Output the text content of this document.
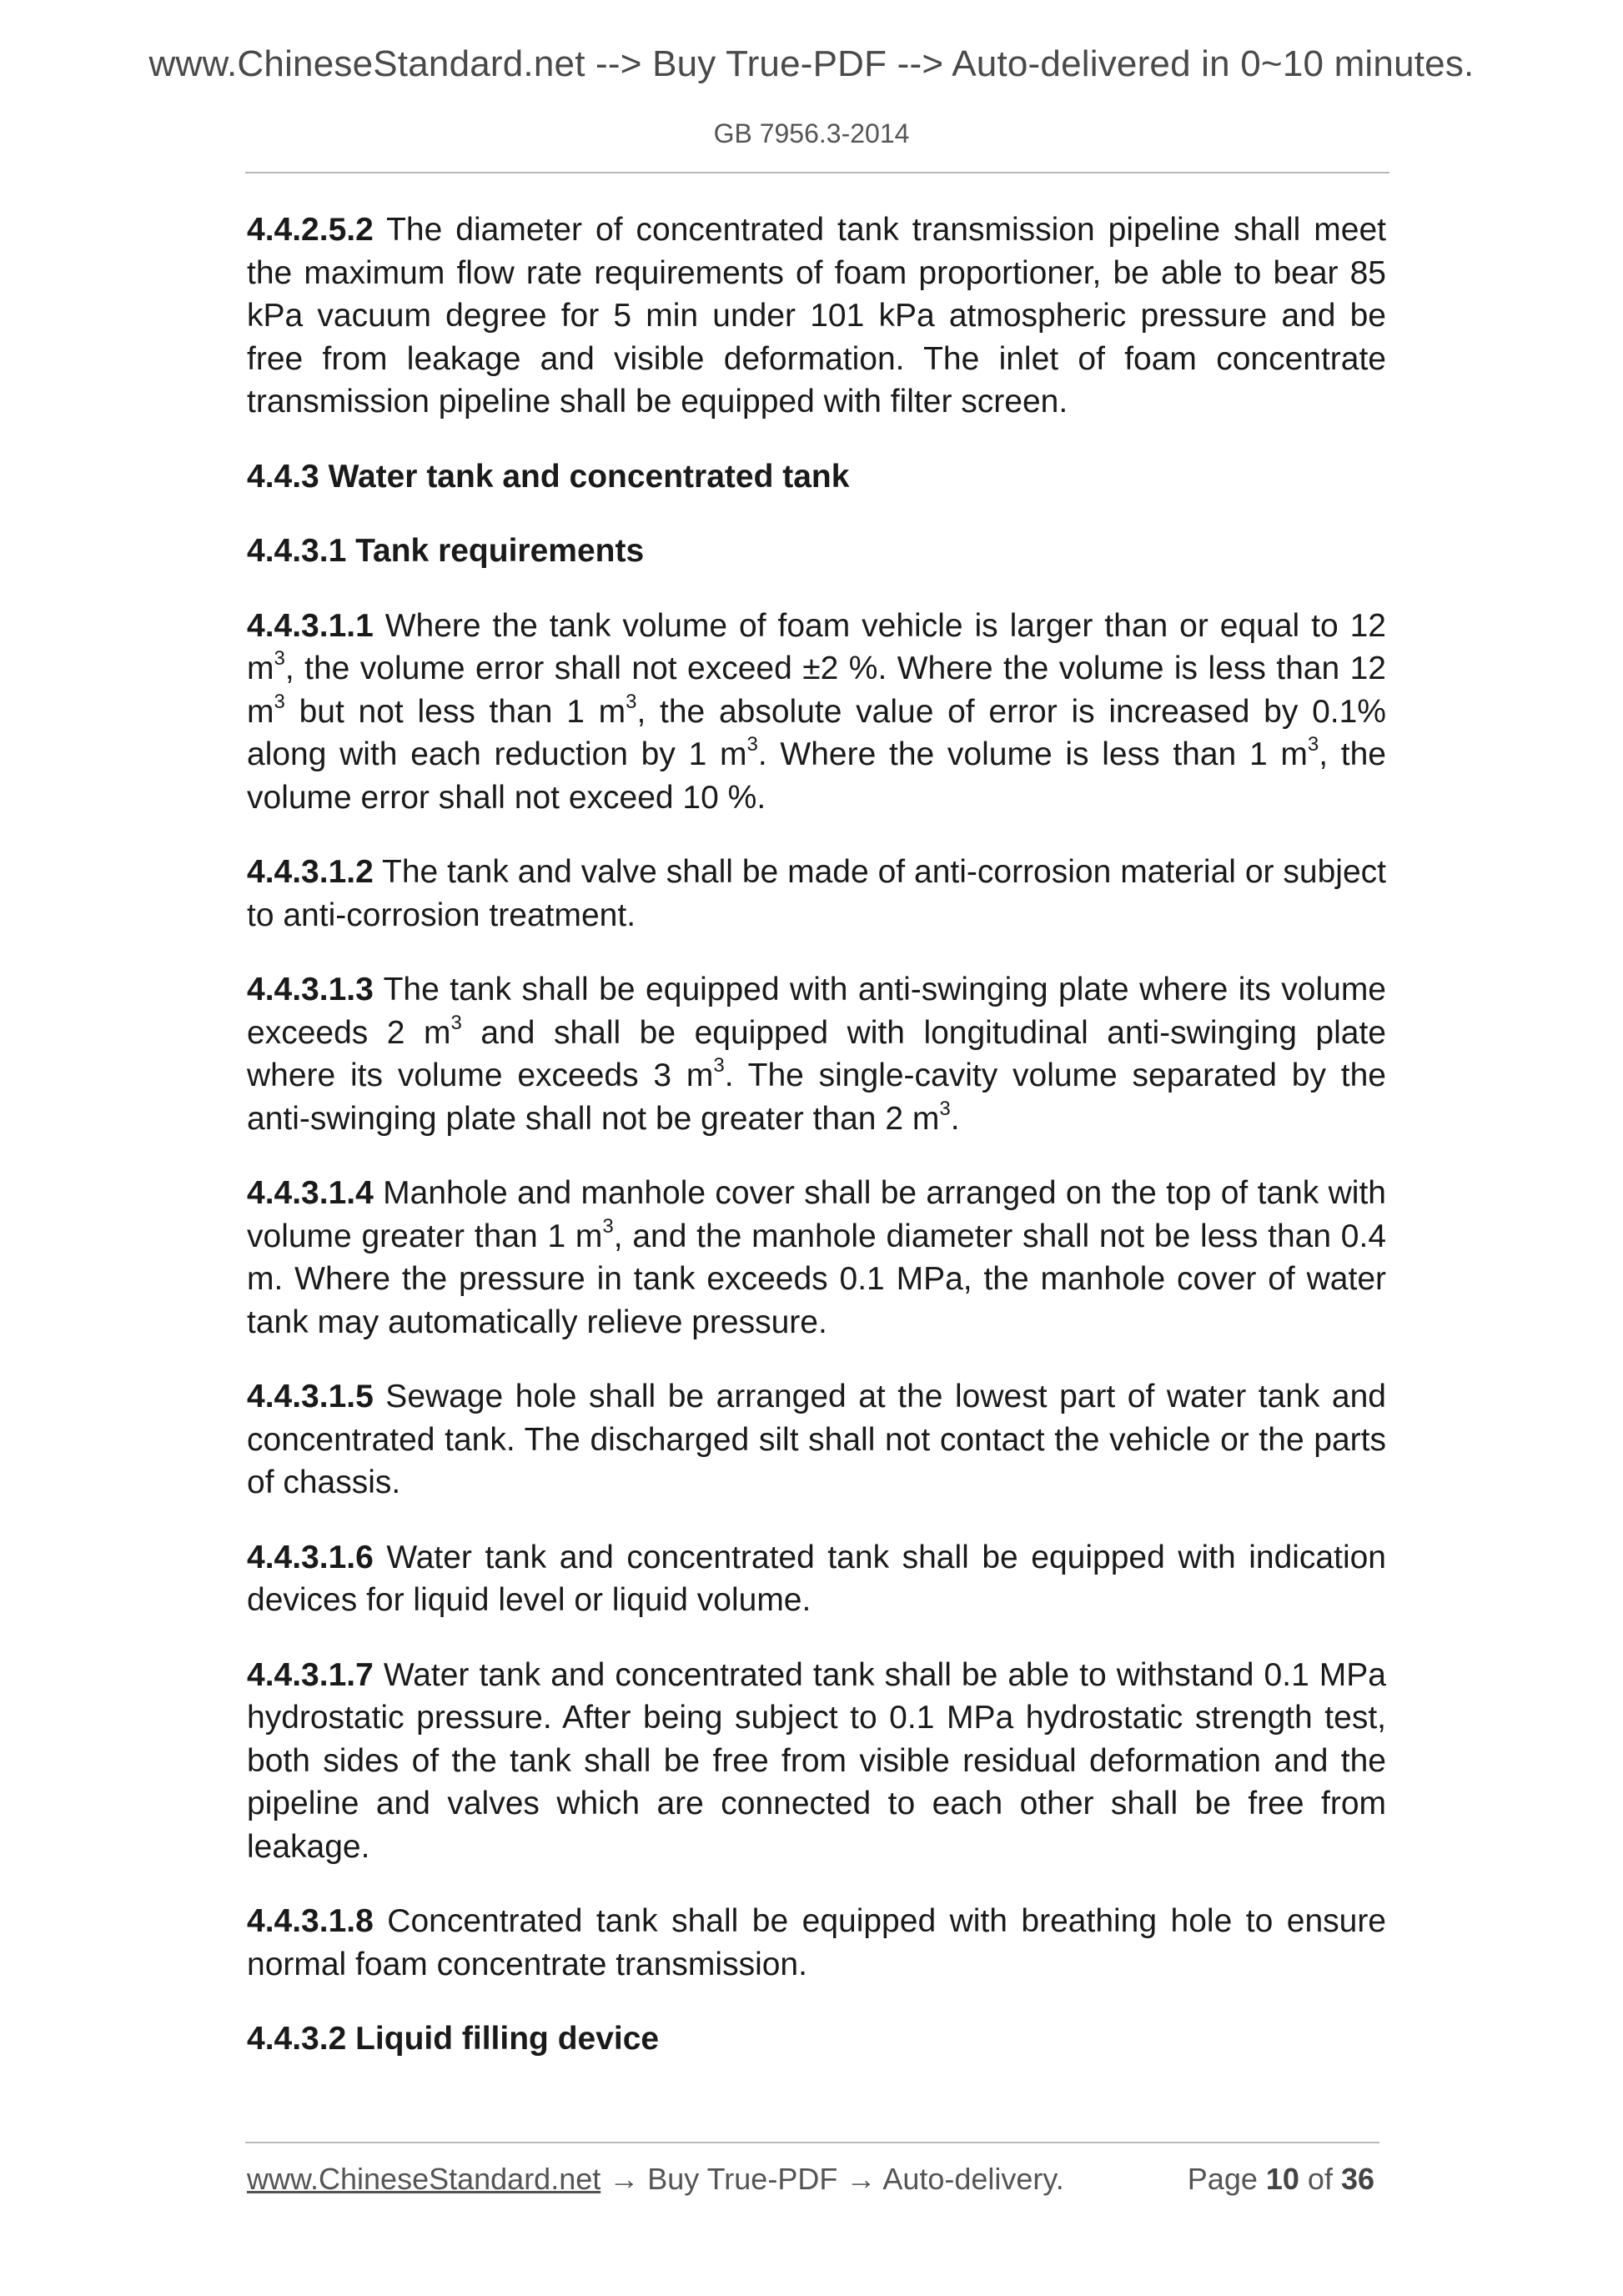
www.ChineseStandard.net --> Buy True-PDF --> Auto-delivered in 0~10 minutes.
GB 7956.3-2014

4.4.2.5.2 The diameter of concentrated tank transmission pipeline shall meet the maximum flow rate requirements of foam proportioner, be able to bear 85 kPa vacuum degree for 5 min under 101 kPa atmospheric pressure and be free from leakage and visible deformation. The inlet of foam concentrate transmission pipeline shall be equipped with filter screen.

4.4.3 Water tank and concentrated tank

4.4.3.1 Tank requirements

4.4.3.1.1 Where the tank volume of foam vehicle is larger than or equal to 12 $m^3$, the volume error shall not exceed ±2 %. Where the volume is less than 12 $m^3$ but not less than 1 $m^3$, the absolute value of error is increased by 0.1% along with each reduction by 1 $m^3$. Where the volume is less than 1 $m^3$, the volume error shall not exceed 10 %.

4.4.3.1.2 The tank and valve shall be made of anti-corrosion material or subject to anti-corrosion treatment.

4.4.3.1.3 The tank shall be equipped with anti-swinging plate where its volume exceeds 2 $m^3$ and shall be equipped with longitudinal anti-swinging plate where its volume exceeds 3 $m^3$. The single-cavity volume separated by the anti-swinging plate shall not be greater than 2 $m^3$.

4.4.3.1.4 Manhole and manhole cover shall be arranged on the top of tank with volume greater than 1 $m^3$, and the manhole diameter shall not be less than 0.4 m. Where the pressure in tank exceeds 0.1 MPa, the manhole cover of water tank may automatically relieve pressure.

4.4.3.1.5 Sewage hole shall be arranged at the lowest part of water tank and concentrated tank. The discharged silt shall not contact the vehicle or the parts of chassis.

4.4.3.1.6 Water tank and concentrated tank shall be equipped with indication devices for liquid level or liquid volume.

4.4.3.1.7 Water tank and concentrated tank shall be able to withstand 0.1 MPa hydrostatic pressure. After being subject to 0.1 MPa hydrostatic strength test, both sides of the tank shall be free from visible residual deformation and the pipeline and valves which are connected to each other shall be free from leakage.

4.4.3.1.8 Concentrated tank shall be equipped with breathing hole to ensure normal foam concentrate transmission.

4.4.3.2 Liquid filling device

www.ChineseStandard.net → Buy True-PDF → Auto-delivery.	Page 10 of 36
